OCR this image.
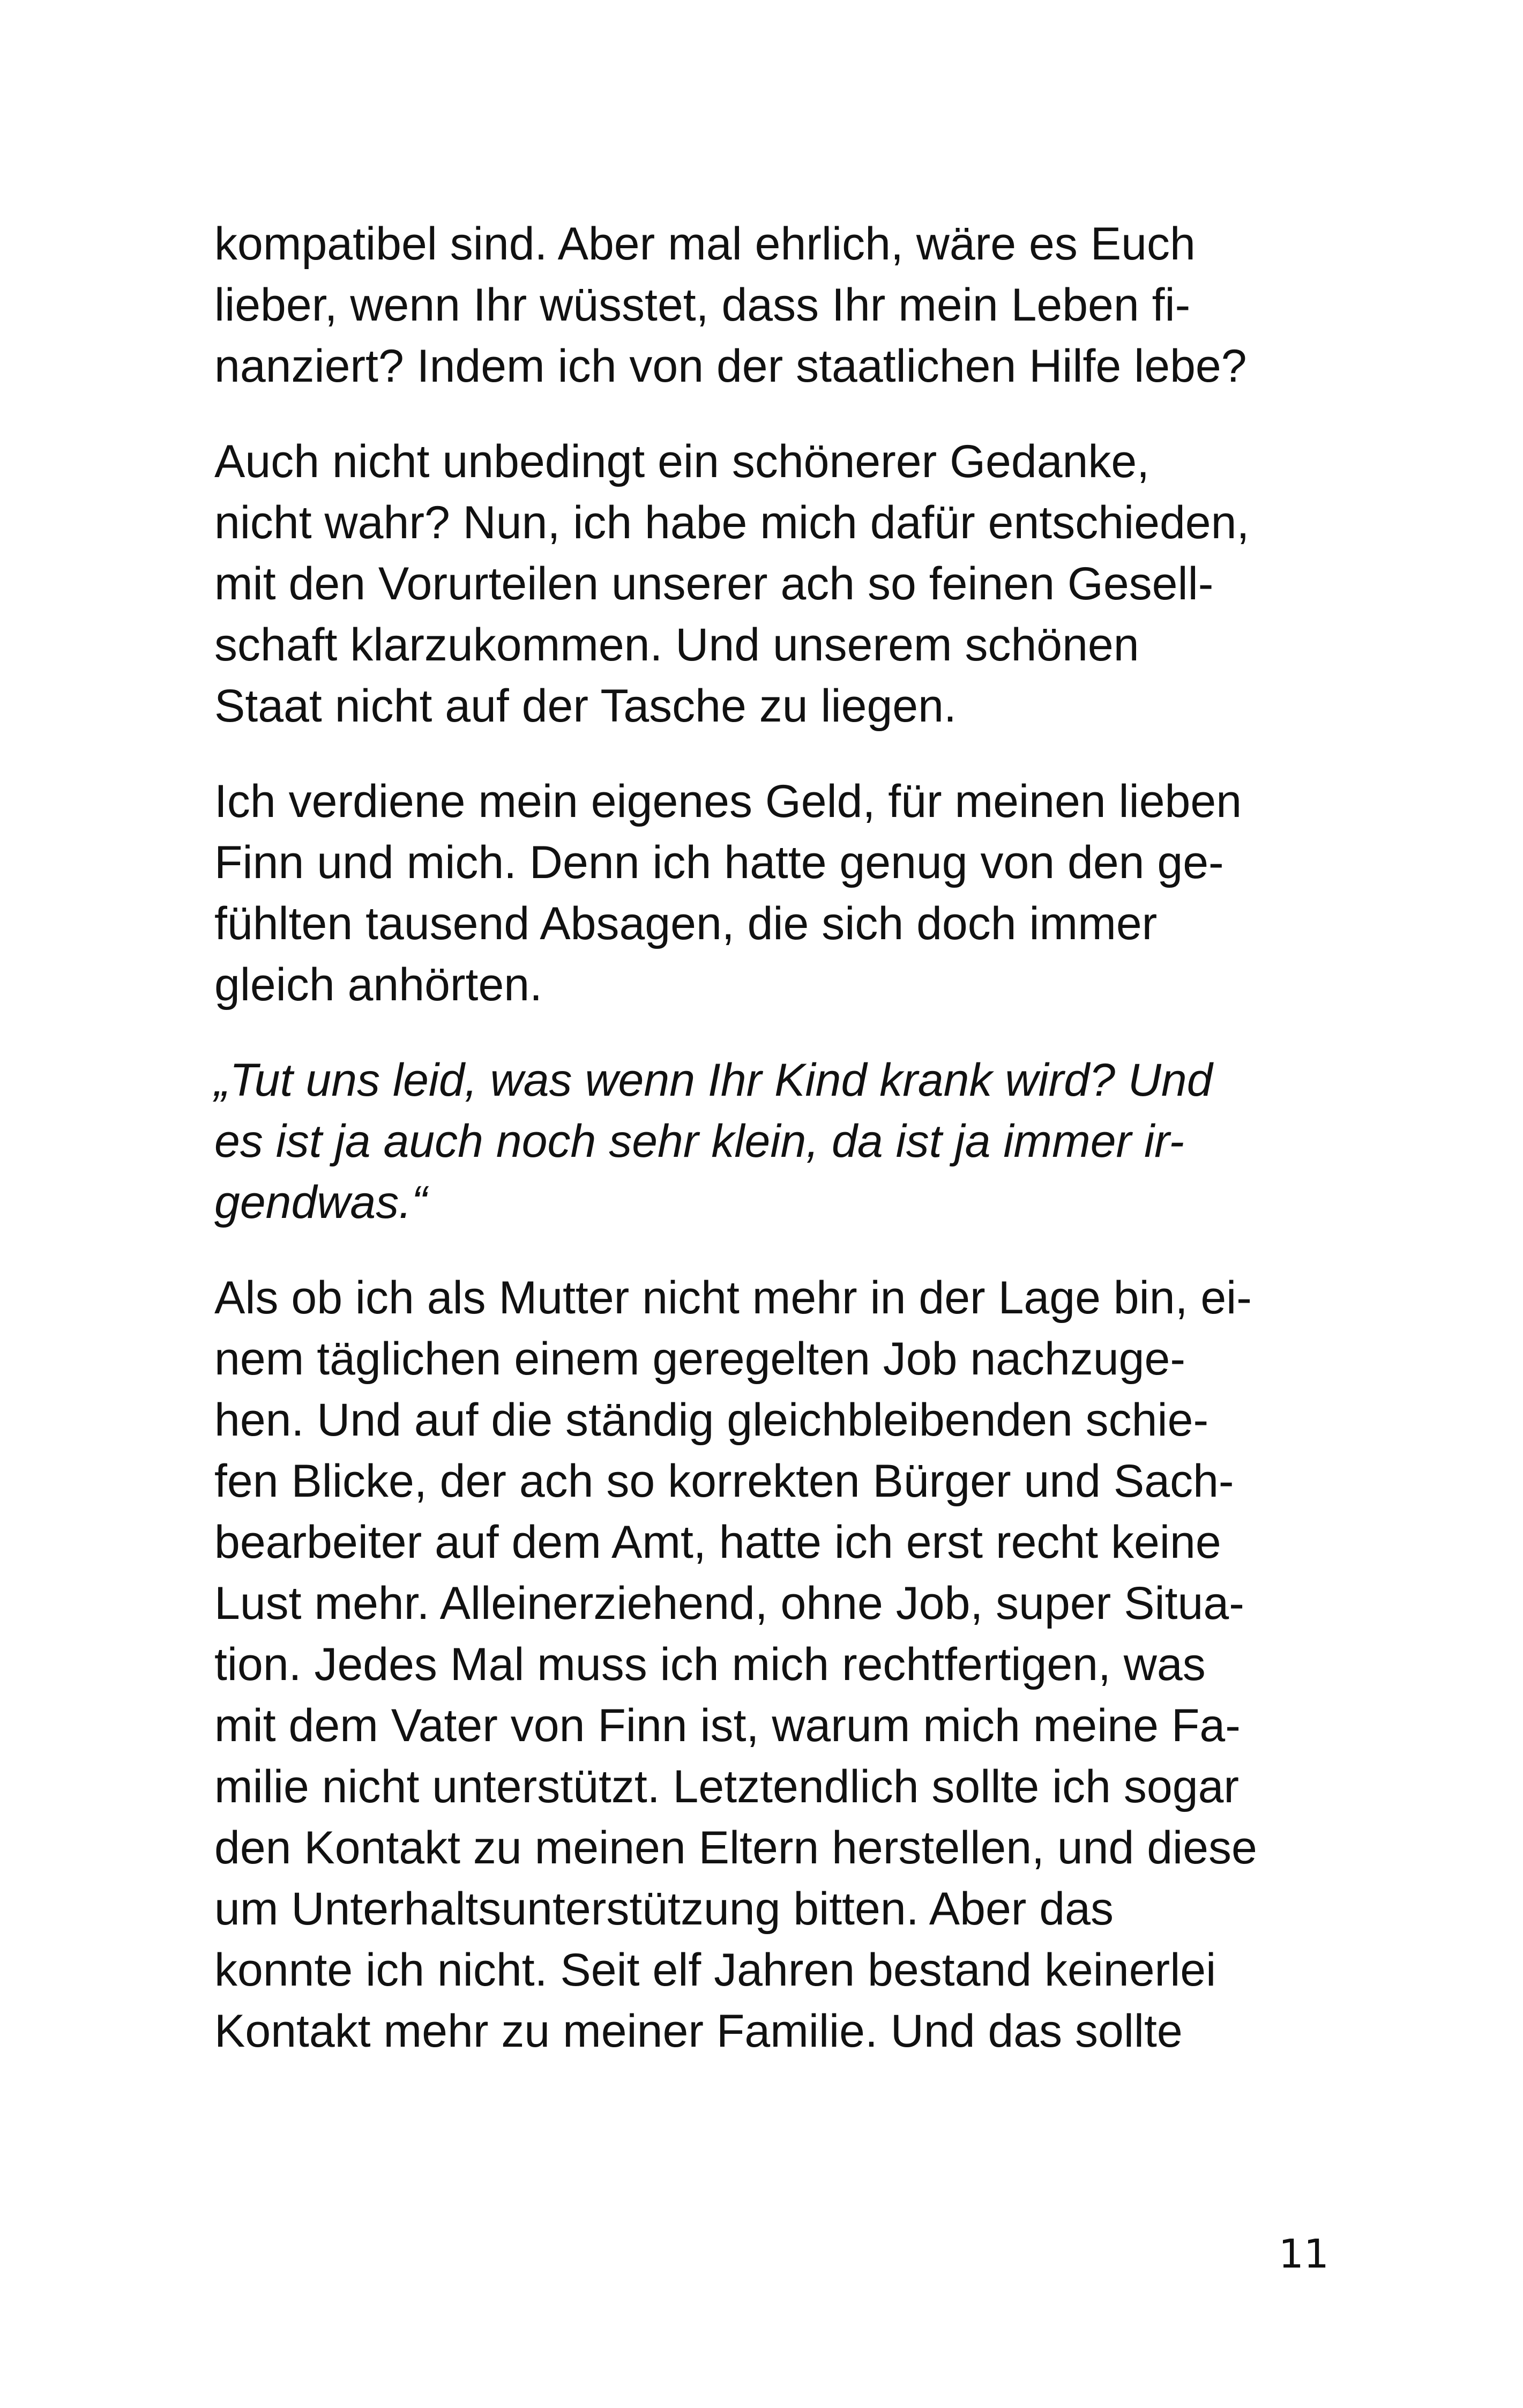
kompatibel sind. Aber mal ehrlich, wäre es Euch
lieber, wenn Ihr wüsstet, dass Ihr mein Leben fi-
nanziert? Indem ich von der staatlichen Hilfe lebe?
Auch nicht unbedingt ein schönerer Gedanke,
nicht wahr? Nun, ich habe mich dafür entschieden,
mit den Vorurteilen unserer ach so feinen Gesell-
schaft klarzukommen. Und unserem schönen
Staat nicht auf der Tasche zu liegen.
Ich verdiene mein eigenes Geld, für meinen lieben
Finn und mich. Denn ich hatte genug von den ge-
fühlten tausend Absagen, die sich doch immer
gleich anhörten.
„Tut uns leid, was wenn Ihr Kind krank wird? Und
es ist ja auch noch sehr klein, da ist ja immer ir-
gendwas.“
Als ob ich als Mutter nicht mehr in der Lage bin, ei-
nem täglichen einem geregelten Job nachzuge-
hen. Und auf die ständig gleichbleibenden schie-
fen Blicke, der ach so korrekten Bürger und Sach-
bearbeiter auf dem Amt, hatte ich erst recht keine
Lust mehr. Alleinerziehend, ohne Job, super Situa-
tion. Jedes Mal muss ich mich rechtfertigen, was
mit dem Vater von Finn ist, warum mich meine Fa-
milie nicht unterstützt. Letztendlich sollte ich sogar
den Kontakt zu meinen Eltern herstellen, und diese
um Unterhaltsunterstützung bitten. Aber das
konnte ich nicht. Seit elf Jahren bestand keinerlei
Kontakt mehr zu meiner Familie. Und das sollte
11
